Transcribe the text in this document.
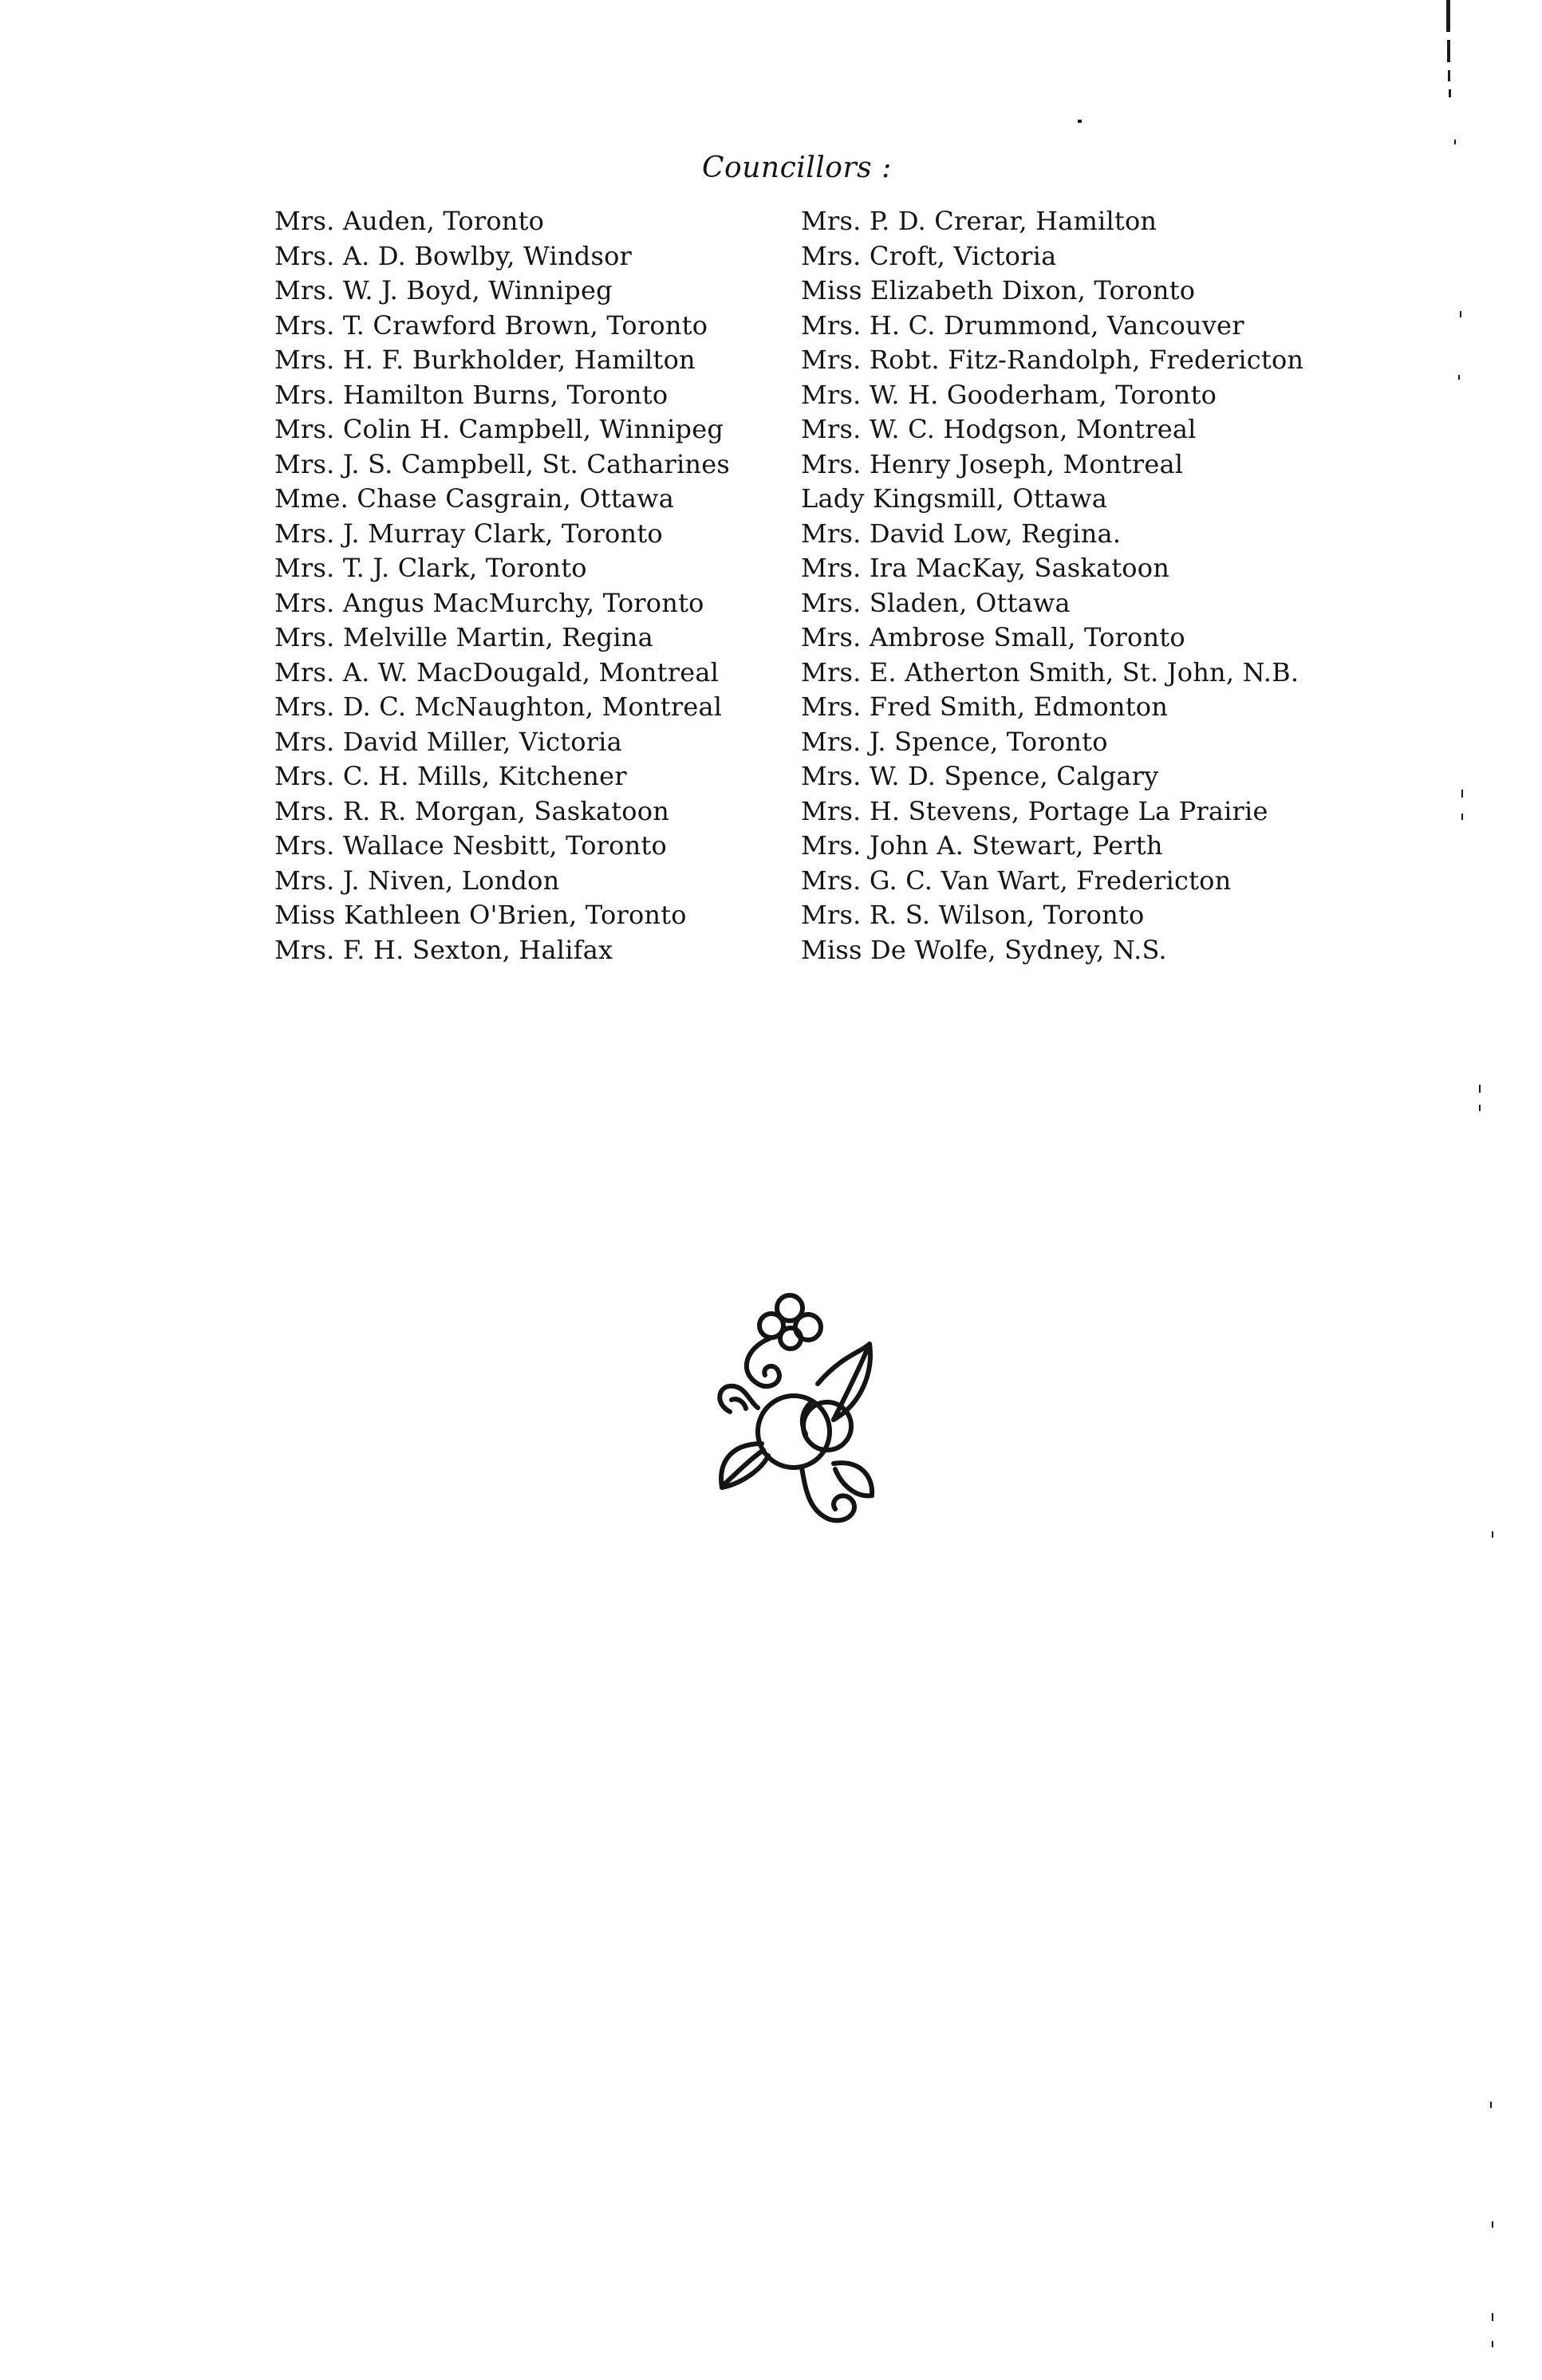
Councillors :
Mrs. Auden, Toronto
Mrs. A. D. Bowlby, Windsor
Mrs. W. J. Boyd, Winnipeg
Mrs. T. Crawford Brown, Toronto
Mrs. H. F. Burkholder, Hamilton
Mrs. Hamilton Burns, Toronto
Mrs. Colin H. Campbell, Winnipeg
Mrs. J. S. Campbell, St. Catharines
Mme. Chase Casgrain, Ottawa
Mrs. J. Murray Clark, Toronto
Mrs. T. J. Clark, Toronto
Mrs. Angus MacMurchy, Toronto
Mrs. Melville Martin, Regina
Mrs. A. W. MacDougald, Montreal
Mrs. D. C. McNaughton, Montreal
Mrs. David Miller, Victoria
Mrs. C. H. Mills, Kitchener
Mrs. R. R. Morgan, Saskatoon
Mrs. Wallace Nesbitt, Toronto
Mrs. J. Niven, London
Miss Kathleen O'Brien, Toronto
Mrs. F. H. Sexton, Halifax
Mrs. P. D. Crerar, Hamilton
Mrs. Croft, Victoria
Miss Elizabeth Dixon, Toronto
Mrs. H. C. Drummond, Vancouver
Mrs. Robt. Fitz-Randolph, Fredericton
Mrs. W. H. Gooderham, Toronto
Mrs. W. C. Hodgson, Montreal
Mrs. Henry Joseph, Montreal
Lady Kingsmill, Ottawa
Mrs. David Low, Regina.
Mrs. Ira MacKay, Saskatoon
Mrs. Sladen, Ottawa
Mrs. Ambrose Small, Toronto
Mrs. E. Atherton Smith, St. John, N.B.
Mrs. Fred Smith, Edmonton
Mrs. J. Spence, Toronto
Mrs. W. D. Spence, Calgary
Mrs. H. Stevens, Portage La Prairie
Mrs. John A. Stewart, Perth
Mrs. G. C. Van Wart, Fredericton
Mrs. R. S. Wilson, Toronto
Miss De Wolfe, Sydney, N.S.
